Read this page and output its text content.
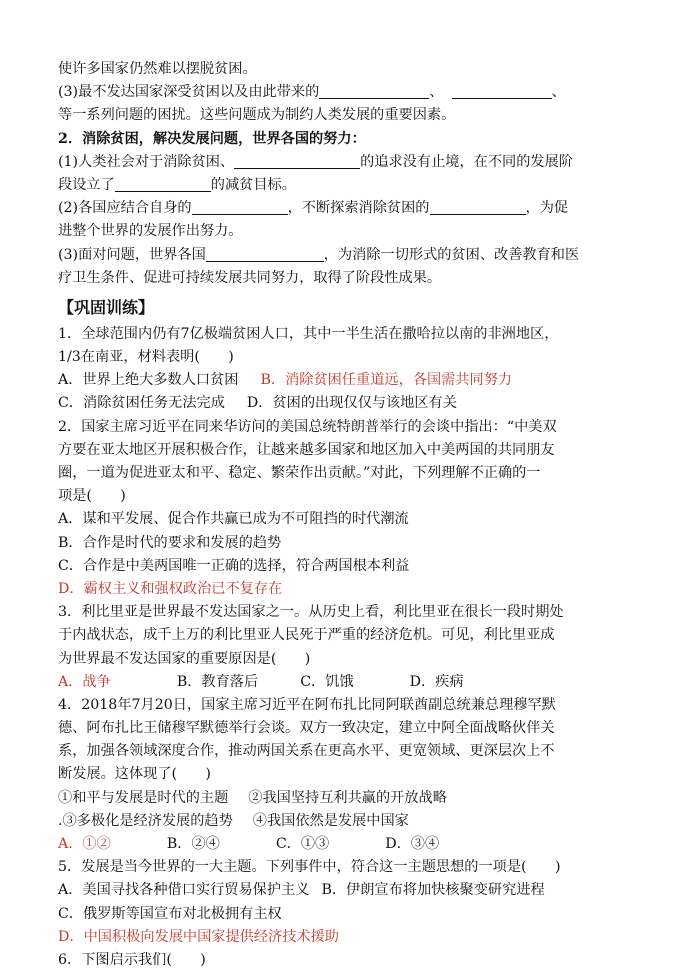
使许多国家仍然难以摆脱贫困。
(3)最不发达国家深受贫困以及由此带来的	、	、
等一系列问题的困扰。这些问题成为制约人类发展的重要因素。
2．消除贫困，解决发展问题，世界各国的努力：
(1)人类社会对于消除贫困、	的追求没有止境，在不同的发展阶
段设立了	的减贫目标。
(2)各国应结合自身的	，不断探索消除贫困的	，为促
进整个世界的发展作出努力。
(3)面对问题，世界各国	，为消除一切形式的贫困、改善教育和医
疗卫生条件、促进可持续发展共同努力，取得了阶段性成果。
【巩固训练】
1．全球范围内仍有7亿极端贫困人口，其中一半生活在撒哈拉以南的非洲地区，
1/3在南亚，材料表明(　　)
A．世界上绝大多数人口贫困 B．消除贫困任重道远，各国需共同努力
C．消除贫困任务无法完成 D．贫困的出现仅仅与该地区有关
2．国家主席习近平在同来华访问的美国总统特朗普举行的会谈中指出：“中美双
方要在亚太地区开展积极合作，让越来越多国家和地区加入中美两国的共同朋友
圈，一道为促进亚太和平、稳定、繁荣作出贡献。”对此，下列理解不正确的一
项是(　　)
A．谋和平发展、促合作共赢已成为不可阻挡的时代潮流
B．合作是时代的要求和发展的趋势
C．合作是中美两国唯一正确的选择，符合两国根本利益
D．霸权主义和强权政治已不复存在
3．利比里亚是世界最不发达国家之一。从历史上看，利比里亚在很长一段时期处
于内战状态，成千上万的利比里亚人民死于严重的经济危机。可见，利比里亚成
为世界最不发达国家的重要原因是(　　)
A．战争	B．教育落后	C．饥饿	D．疾病
4．2018年7月20日，国家主席习近平在阿布扎比同阿联酋副总统兼总理穆罕默
德、阿布扎比王储穆罕默德举行会谈。双方一致决定，建立中阿全面战略伙伴关
系，加强各领域深度合作，推动两国关系在更高水平、更宽领域、更深层次上不
断发展。这体现了(　　)
①和平与发展是时代的主题 ②我国坚持互利共赢的开放战略
.③多极化是经济发展的趋势 ④我国依然是发展中国家
A．①②	B．②④	C．①③	D．③④
5．发展是当今世界的一大主题。下列事件中，符合这一主题思想的一项是(　　)
A．美国寻找各种借口实行贸易保护主义 B．伊朗宣布将加快核聚变研究进程
C．俄罗斯等国宣布对北极拥有主权
D．中国积极向发展中国家提供经济技术援助
6．下图启示我们(　　)
